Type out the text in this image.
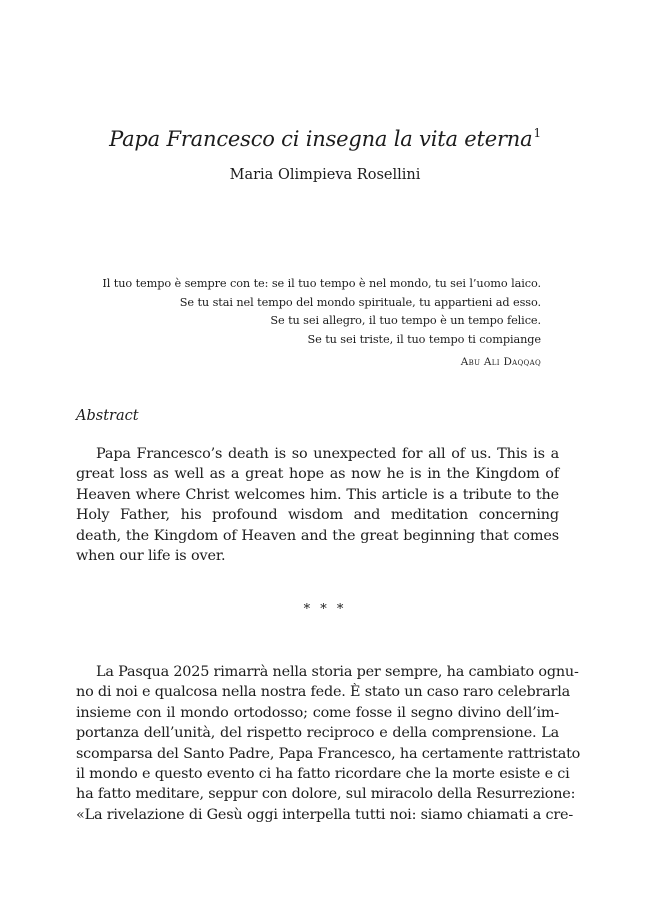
Papa Francesco ci insegna la vita eterna$^1$
Maria Olimpieva Rosellini
Il tuo tempo è sempre con te: se il tuo tempo è nel mondo, tu sei l’uomo laico.
Se tu stai nel tempo del mondo spirituale, tu appartieni ad esso.
Se tu sei allegro, il tuo tempo è un tempo felice.
Se tu sei triste, il tuo tempo ti compiange
Abu Ali Daqqaq
Abstract

Papa Francesco’s death is so unexpected for all of us. This is a great loss as well as a great hope as now he is in the Kingdom of Heaven where Christ welcomes him. This article is a tribute to the Holy Father, his profound wisdom and meditation concerning death, the Kingdom of Heaven and the great beginning that comes when our life is over.

* * *
La Pasqua 2025 rimarrà nella storia per sempre, ha cambiato ognu-
no di noi e qualcosa nella nostra fede. È stato un caso raro celebrarla
insieme con il mondo ortodosso; come fosse il segno divino dell’im-
portanza dell’unità, del rispetto reciproco e della comprensione. La
scomparsa del Santo Padre, Papa Francesco, ha certamente rattristato
il mondo e questo evento ci ha fatto ricordare che la morte esiste e ci
ha fatto meditare, seppur con dolore, sul miracolo della Resurrezione:
«La rivelazione di Gesù oggi interpella tutti noi: siamo chiamati a cre-
